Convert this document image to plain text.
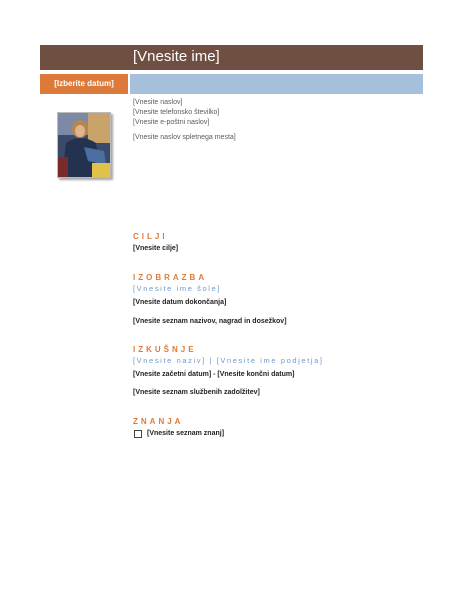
[Vnesite ime]
[Izberite datum]
[Vnesite naslov]
[Vnesite telefonsko številko]
[Vnesite e-poštni naslov]
[Vnesite naslov spletnega mesta]
CILJI
[Vnesite cilje]
IZOBRAZBA
[Vnesite ime šole]
[Vnesite datum dokončanja]
[Vnesite seznam nazivov, nagrad in dosežkov]
IZKUŠNJE
[Vnesite naziv] | [Vnesite ime podjetja]
[Vnesite začetni datum] - [Vnesite končni datum]
[Vnesite seznam službenih zadolžitev]
ZNANJA
[Vnesite seznam znanj]
